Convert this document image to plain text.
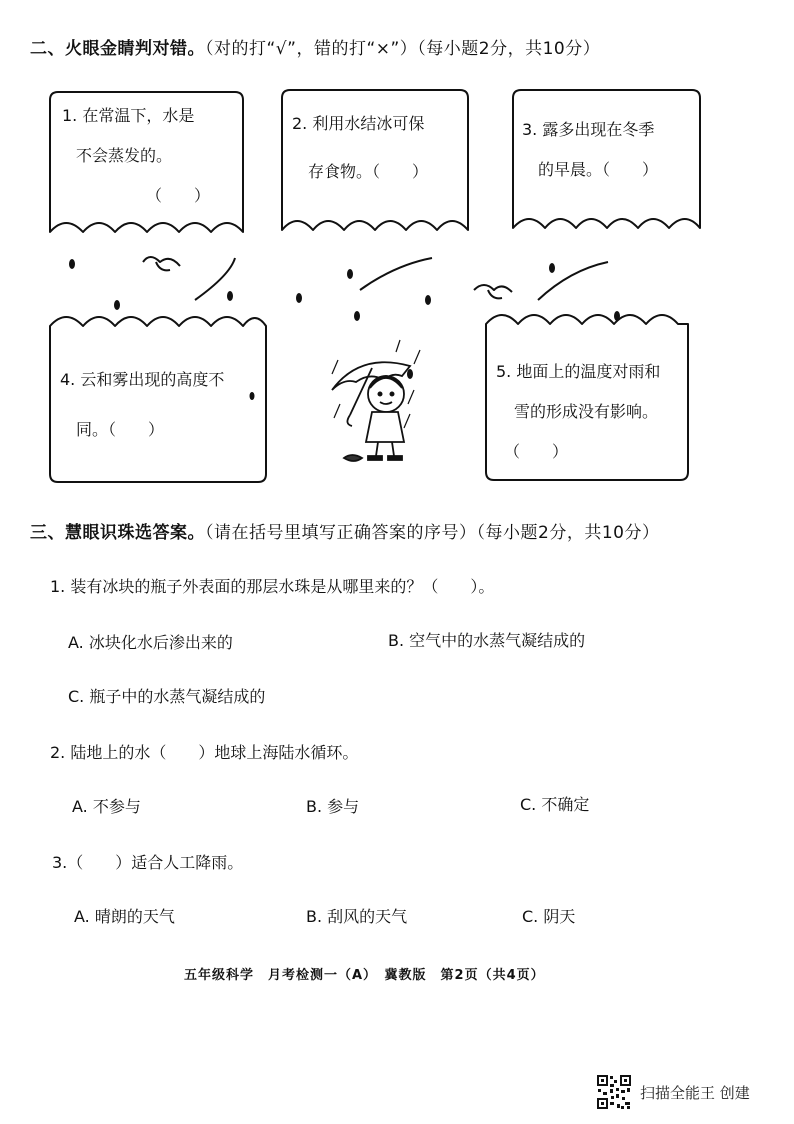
二、火眼金睛判对错。（对的打“√”，错的打“×”）（每小题2分，共10分）
1. 在常温下，水是
不会蒸发的。
（　　）
2. 利用水结冰可保
存食物。（　　）
3. 露多出现在冬季
的早晨。（　　）
4. 云和雾出现的高度不
同。（　　）
5. 地面上的温度对雨和
雪的形成没有影响。
（　　）
三、慧眼识珠选答案。（请在括号里填写正确答案的序号）（每小题2分，共10分）
1. 装有冰块的瓶子外表面的那层水珠是从哪里来的？（　　）。
A. 冰块化水后渗出来的	B. 空气中的水蒸气凝结成的
C. 瓶子中的水蒸气凝结成的
2. 陆地上的水（　　）地球上海陆水循环。
A. 不参与	B. 参与	C. 不确定
3.（　　）适合人工降雨。
A. 晴朗的天气	B. 刮风的天气	C. 阴天
五年级科学　月考检测一（A）　冀教版　第2页（共4页）
扫描全能王 创建
